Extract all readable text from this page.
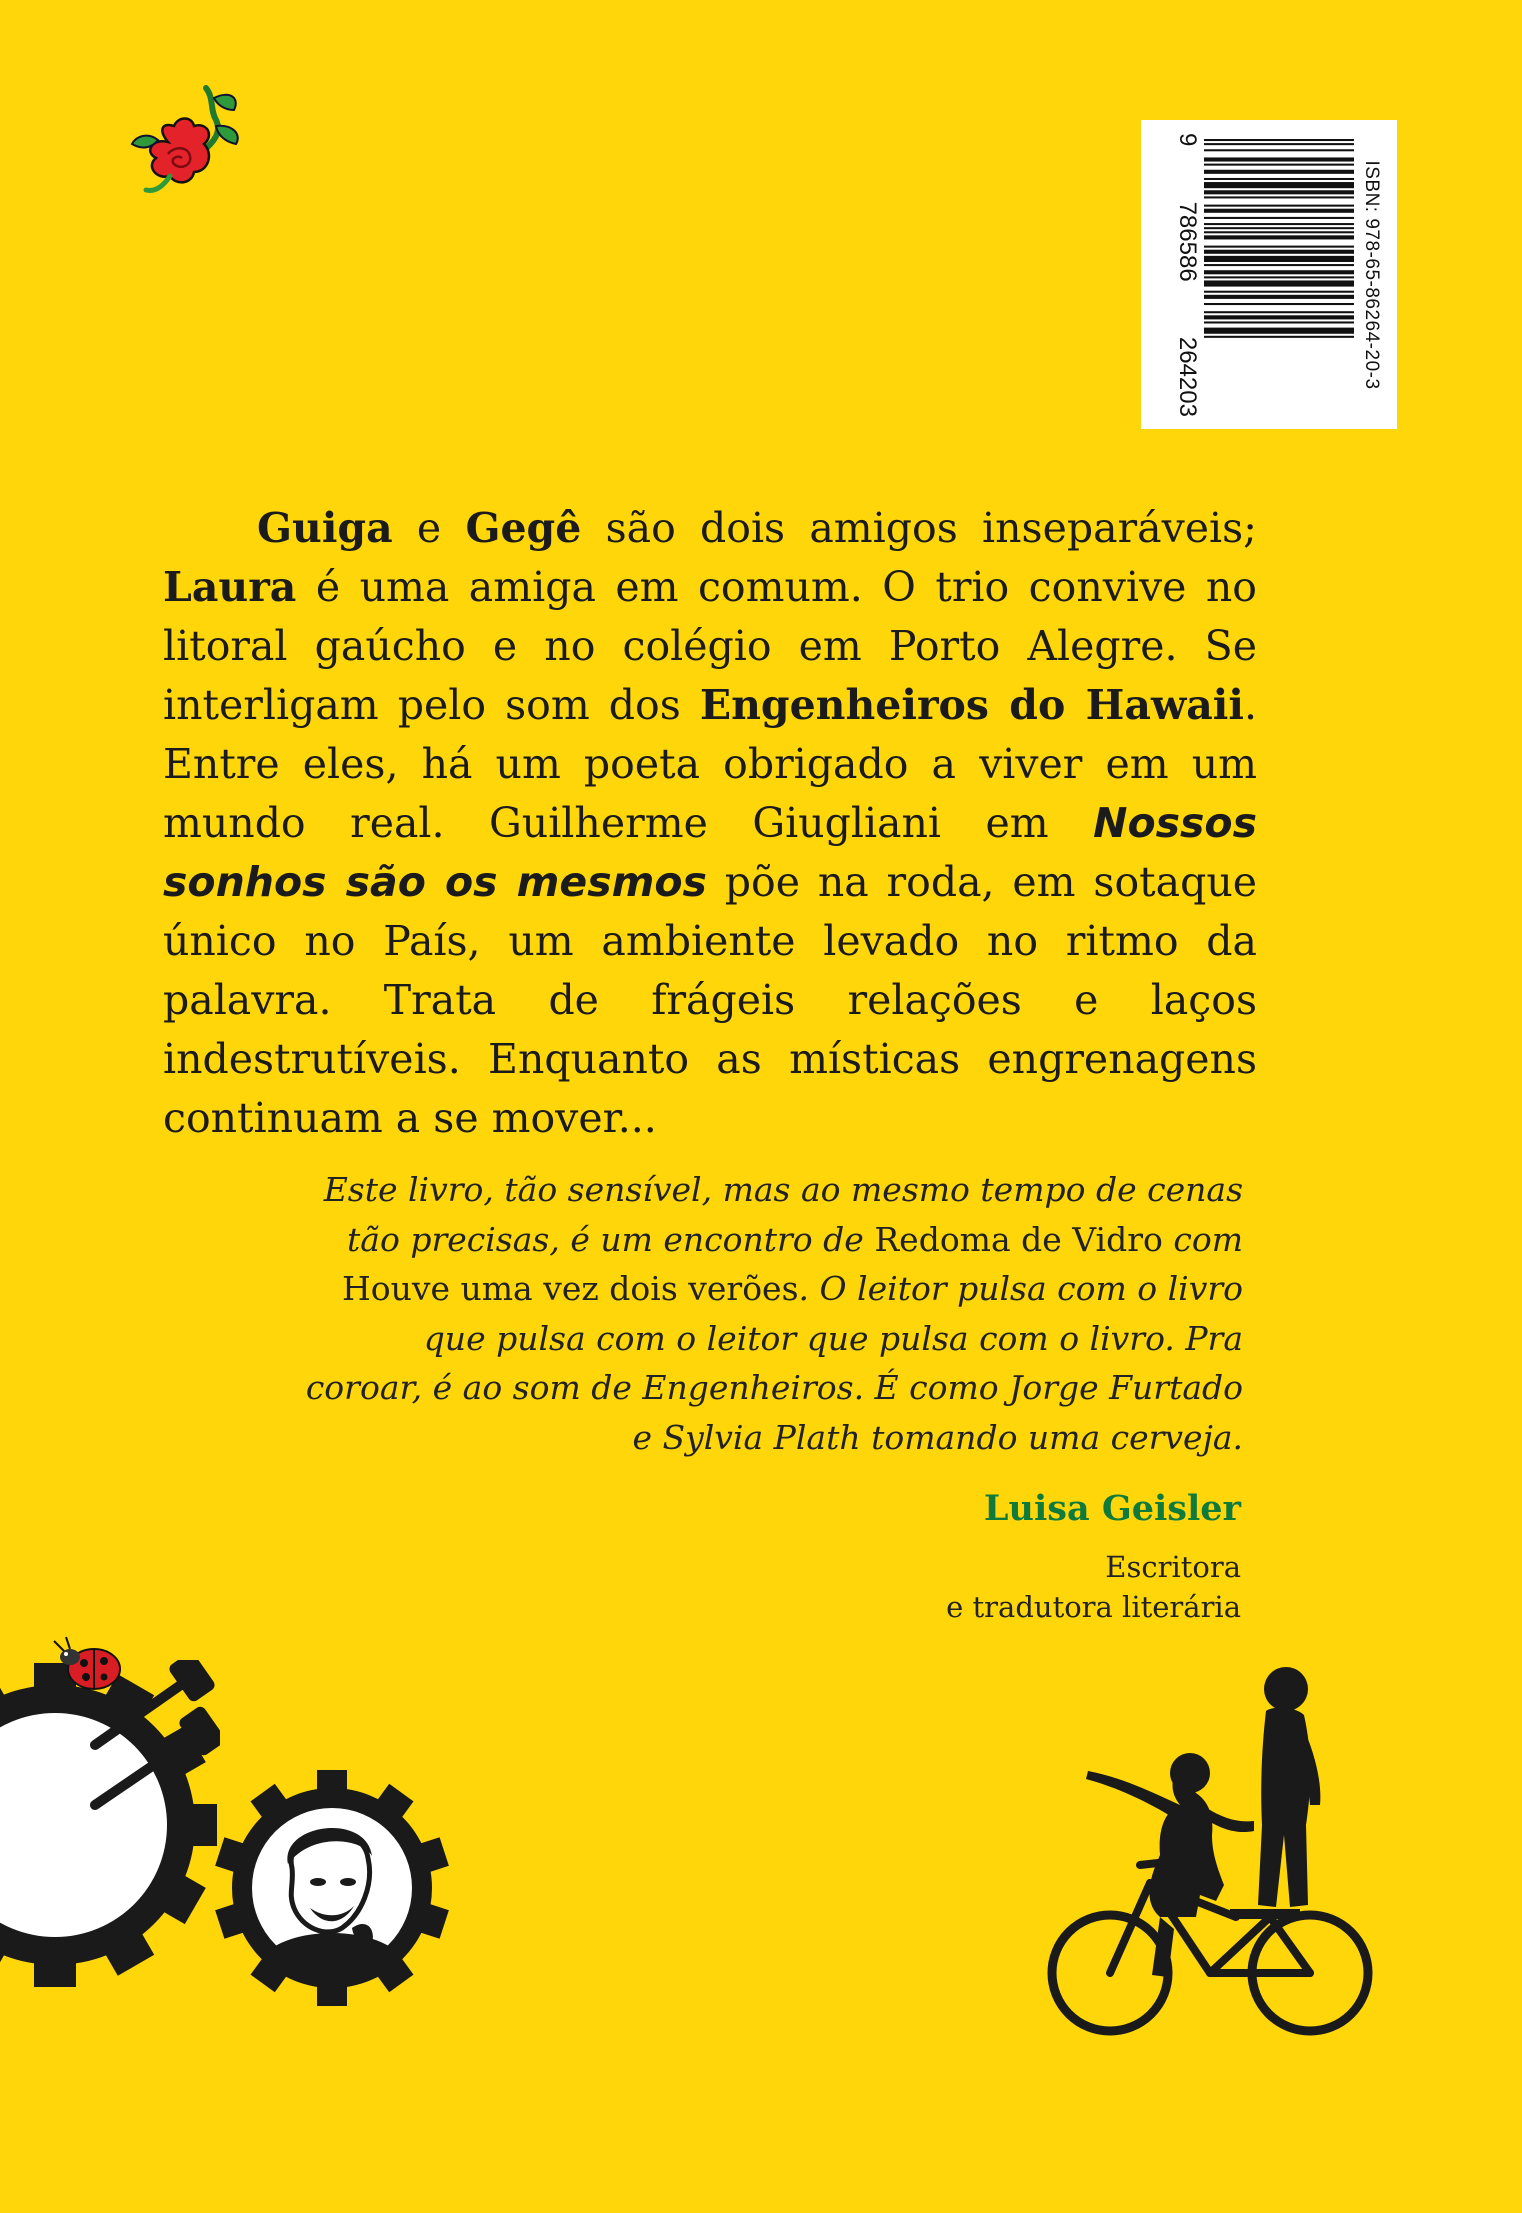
ISBN: 978-65-86264-20-3
9
786586
264203

Guiga e Gegê são dois amigos inseparáveis; Laura é uma amiga em comum. O trio convive no litoral gaúcho e no colégio em Porto Alegre. Se interligam pelo som dos Engenheiros do Hawaii. Entre eles, há um poeta obrigado a viver em um mundo real. Guilherme Giugliani em Nossos sonhos são os mesmos põe na roda, em sotaque único no País, um ambiente levado no ritmo da palavra. Trata de frágeis relações e laços indestrutíveis. Enquanto as místicas engrenagens continuam a se mover...

Este livro, tão sensível, mas ao mesmo tempo de cenas tão precisas, é um encontro de Redoma de Vidro com Houve uma vez dois verões. O leitor pulsa com o livro que pulsa com o leitor que pulsa com o livro. Pra coroar, é ao som de Engenheiros. É como Jorge Furtado e Sylvia Plath tomando uma cerveja.

Luisa Geisler

Escritora
e tradutora literária
